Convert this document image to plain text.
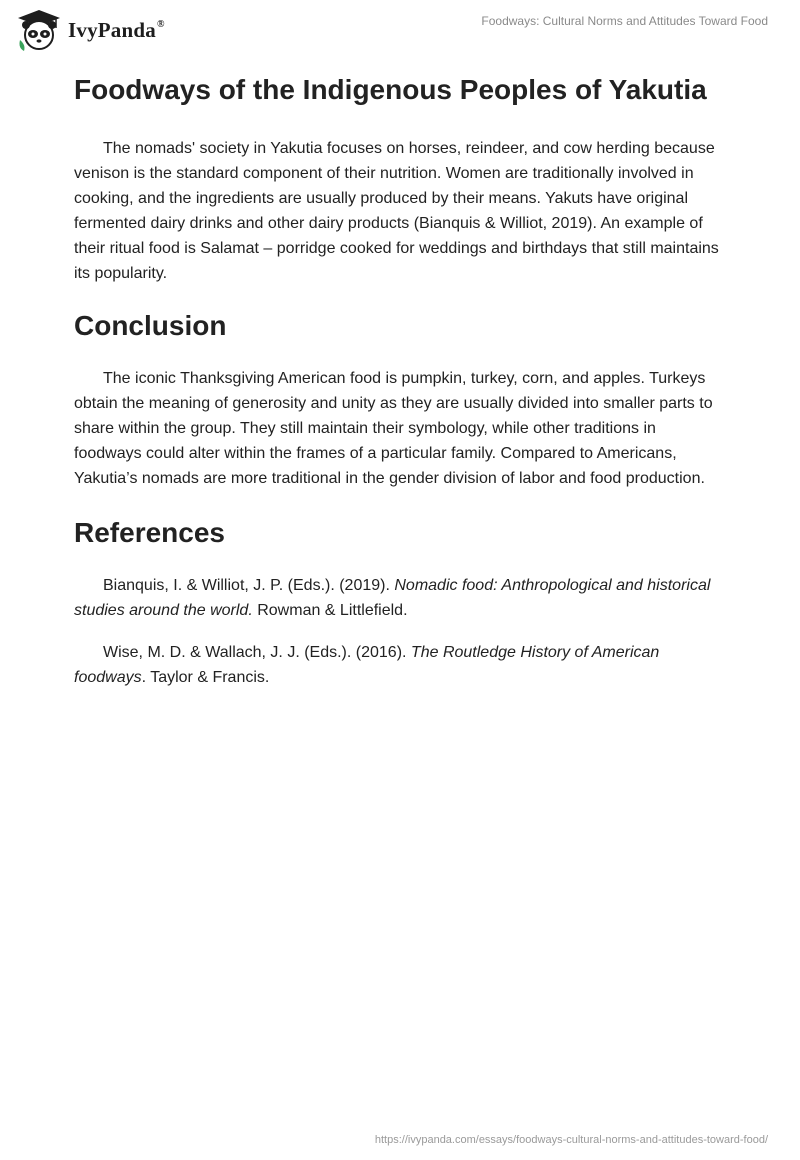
IvyPanda®	Foodways: Cultural Norms and Attitudes Toward Food
Foodways of the Indigenous Peoples of Yakutia

The nomads' society in Yakutia focuses on horses, reindeer, and cow herding because venison is the standard component of their nutrition. Women are traditionally involved in cooking, and the ingredients are usually produced by their means. Yakuts have original fermented dairy drinks and other dairy products (Bianquis & Williot, 2019). An example of their ritual food is Salamat – porridge cooked for weddings and birthdays that still maintains its popularity.

Conclusion

The iconic Thanksgiving American food is pumpkin, turkey, corn, and apples. Turkeys obtain the meaning of generosity and unity as they are usually divided into smaller parts to share within the group. They still maintain their symbology, while other traditions in foodways could alter within the frames of a particular family. Compared to Americans, Yakutia’s nomads are more traditional in the gender division of labor and food production.

References

Bianquis, I. & Williot, J. P. (Eds.). (2019). Nomadic food: Anthropological and historical studies around the world. Rowman & Littlefield.

Wise, M. D. & Wallach, J. J. (Eds.). (2016). The Routledge History of American foodways. Taylor & Francis.

https://ivypanda.com/essays/foodways-cultural-norms-and-attitudes-toward-food/
